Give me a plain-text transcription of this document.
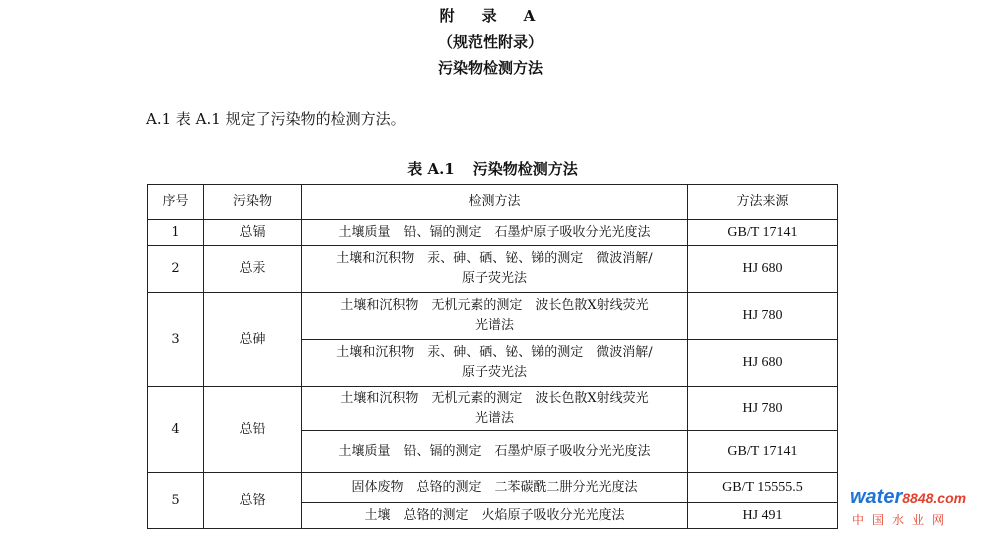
附　录　A
（规范性附录）
污染物检测方法
A.1 表 A.1 规定了污染物的检测方法。
表 A.1 污染物检测方法
序号	污染物	检测方法	方法来源
1	总镉	土壤质量　铅、镉的测定　石墨炉原子吸收分光光度法	GB/T 17141
2	总汞	土壤和沉积物　汞、砷、硒、铋、锑的测定　微波消解/
原子荧光法	HJ 680
3	总砷	土壤和沉积物　无机元素的测定　波长色散X射线荧光
光谱法	HJ 780

		土壤和沉积物　汞、砷、硒、铋、锑的测定　微波消解/
原子荧光法	HJ 680
4	总铅	土壤和沉积物　无机元素的测定　波长色散X射线荧光
光谱法	HJ 780

		土壤质量　铅、镉的测定　石墨炉原子吸收分光光度法	GB/T 17141
5	总铬	固体废物　总铬的测定　二苯碳酰二肼分光光度法	GB/T 15555.5

		土壤　总铬的测定　火焰原子吸收分光光度法	HJ 491
water8848.com
中国水业网
